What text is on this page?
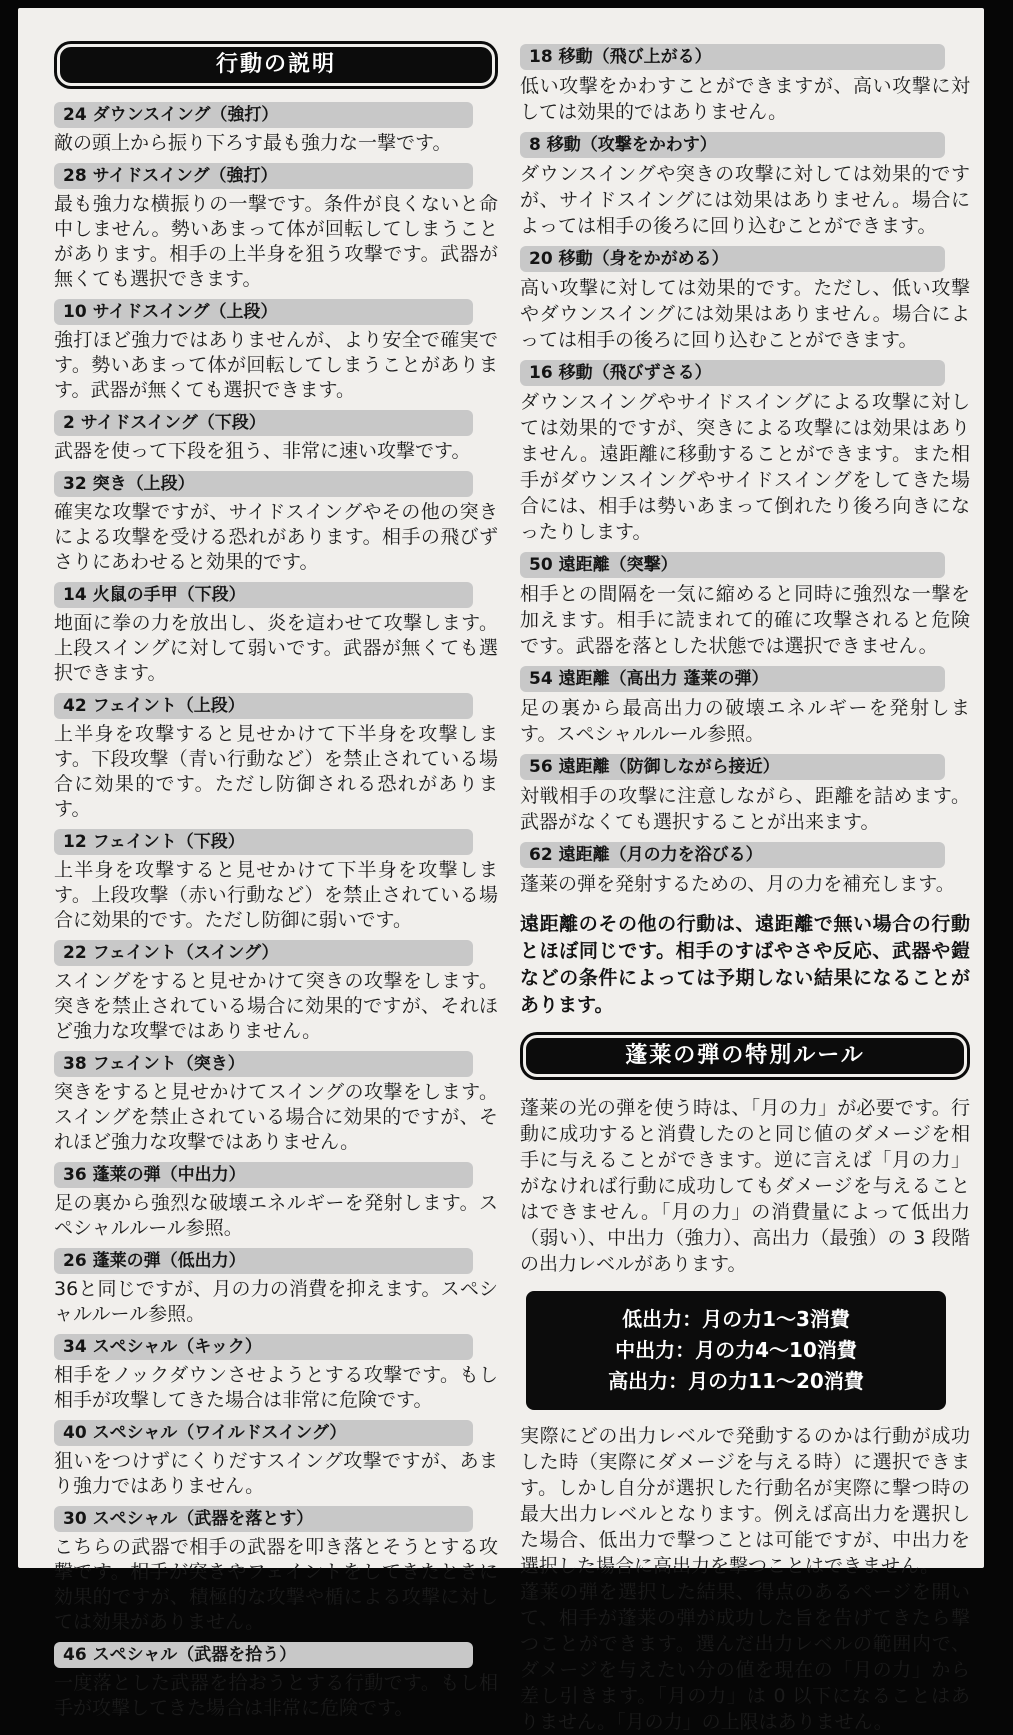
行動の説明
24 ダウンスイング（強打）
敵の頭上から振り下ろす最も強力な一撃です。
28 サイドスイング（強打）
最も強力な横振りの一撃です。条件が良くないと命中しません。勢いあまって体が回転してしまうことがあります。相手の上半身を狙う攻撃です。武器が無くても選択できます。
10 サイドスイング（上段）
強打ほど強力ではありませんが、より安全で確実です。勢いあまって体が回転してしまうことがあります。武器が無くても選択できます。
2 サイドスイング（下段）
武器を使って下段を狙う、非常に速い攻撃です。
32 突き（上段）
確実な攻撃ですが、サイドスイングやその他の突きによる攻撃を受ける恐れがあります。相手の飛びずさりにあわせると効果的です。
14 火鼠の手甲（下段）
地面に拳の力を放出し、炎を這わせて攻撃します。上段スイングに対して弱いです。武器が無くても選択できます。
42 フェイント（上段）
上半身を攻撃すると見せかけて下半身を攻撃します。下段攻撃（青い行動など）を禁止されている場合に効果的です。ただし防御される恐れがあります。
12 フェイント（下段）
上半身を攻撃すると見せかけて下半身を攻撃します。上段攻撃（赤い行動など）を禁止されている場合に効果的です。ただし防御に弱いです。
22 フェイント（スイング）
スイングをすると見せかけて突きの攻撃をします。突きを禁止されている場合に効果的ですが、それほど強力な攻撃ではありません。
38 フェイント（突き）
突きをすると見せかけてスイングの攻撃をします。スイングを禁止されている場合に効果的ですが、それほど強力な攻撃ではありません。
36 蓬莱の弾（中出力）
足の裏から強烈な破壊エネルギーを発射します。スペシャルルール参照。
26 蓬莱の弾（低出力）
36と同じですが、月の力の消費を抑えます。スペシャルルール参照。
34 スペシャル（キック）
相手をノックダウンさせようとする攻撃です。もし相手が攻撃してきた場合は非常に危険です。
40 スペシャル（ワイルドスイング）
狙いをつけずにくりだすスイング攻撃ですが、あまり強力ではありません。
30 スペシャル（武器を落とす）
こちらの武器で相手の武器を叩き落とそうとする攻撃です。相手が突きやフェイントをしてきたときに効果的ですが、積極的な攻撃や楯による攻撃に対しては効果がありません。
46 スペシャル（武器を拾う）
一度落とした武器を拾おうとする行動です。もし相手が攻撃してきた場合は非常に危険です。
18 移動（飛び上がる）
低い攻撃をかわすことができますが、高い攻撃に対しては効果的ではありません。
8 移動（攻撃をかわす）
ダウンスイングや突きの攻撃に対しては効果的ですが、サイドスイングには効果はありません。場合によっては相手の後ろに回り込むことができます。
20 移動（身をかがめる）
高い攻撃に対しては効果的です。ただし、低い攻撃やダウンスイングには効果はありません。場合によっては相手の後ろに回り込むことができます。
16 移動（飛びずさる）
ダウンスイングやサイドスイングによる攻撃に対しては効果的ですが、突きによる攻撃には効果はありません。遠距離に移動することができます。また相手がダウンスイングやサイドスイングをしてきた場合には、相手は勢いあまって倒れたり後ろ向きになったりします。
50 遠距離（突撃）
相手との間隔を一気に縮めると同時に強烈な一撃を加えます。相手に読まれて的確に攻撃されると危険です。武器を落とした状態では選択できません。
54 遠距離（高出力 蓬莱の弾）
足の裏から最高出力の破壊エネルギーを発射します。スペシャルルール参照。
56 遠距離（防御しながら接近）
対戦相手の攻撃に注意しながら、距離を詰めます。武器がなくても選択することが出来ます。
62 遠距離（月の力を浴びる）
蓬莱の弾を発射するための、月の力を補充します。
遠距離のその他の行動は、遠距離で無い場合の行動とほぼ同じです。相手のすばやさや反応、武器や鎧などの条件によっては予期しない結果になることがあります。
蓬莱の弾の特別ルール
蓬莱の光の弾を使う時は、「月の力」が必要です。行動に成功すると消費したのと同じ値のダメージを相手に与えることができます。逆に言えば「月の力」がなければ行動に成功してもダメージを与えることはできません。「月の力」の消費量によって低出力（弱い）、中出力（強力）、高出力（最強）の 3 段階の出力レベルがあります。
低出力：月の力1～3消費
中出力：月の力4～10消費
高出力：月の力11～20消費
実際にどの出力レベルで発動するのかは行動が成功した時（実際にダメージを与える時）に選択できます。しかし自分が選択した行動名が実際に撃つ時の最大出力レベルとなります。例えば高出力を選択した場合、低出力で撃つことは可能ですが、中出力を選択した場合に高出力を撃つことはできません。
蓬莱の弾を選択した結果、得点のあるページを開いて、相手が蓬莱の弾が成功した旨を告げてきたら撃つことができます。選んだ出力レベルの範囲内で、ダメージを与えたい分の値を現在の「月の力」から差し引きます。「月の力」は 0 以下になることはありません。「月の力」の上限はありません。
